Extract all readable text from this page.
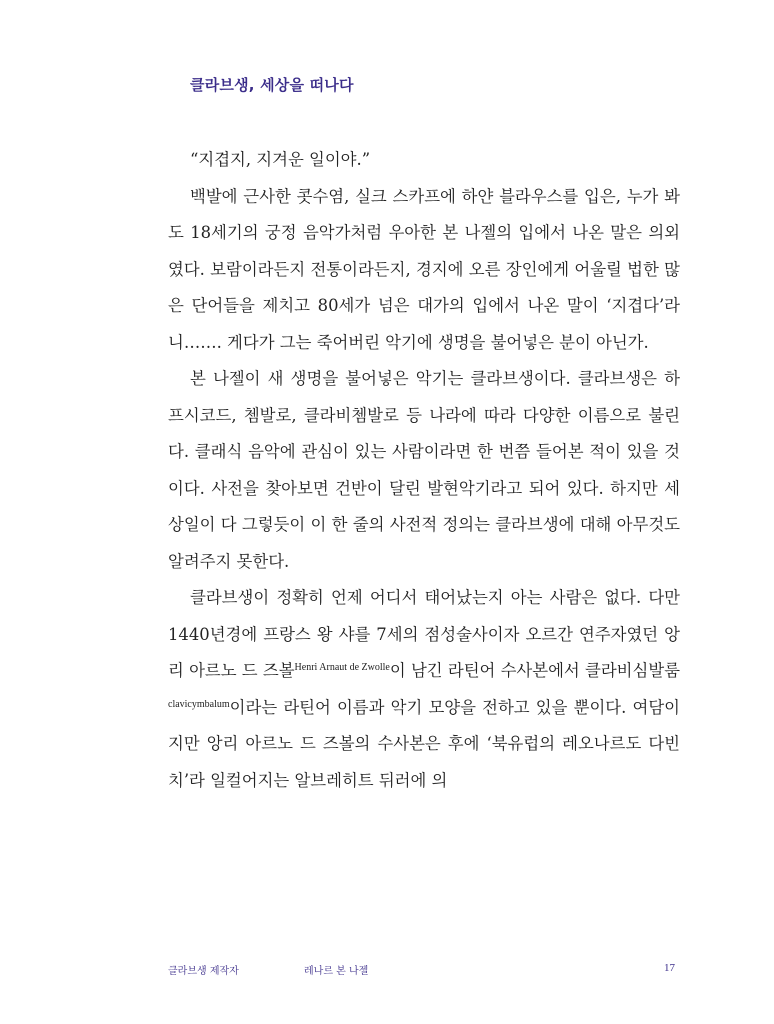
클라브생, 세상을 떠나다

“지겹지, 지겨운 일이야.”

백발에 근사한 콧수염, 실크 스카프에 하얀 블라우스를 입은, 누가 봐도 18세기의 궁정 음악가처럼 우아한 본 나젤의 입에서 나온 말은 의외였다. 보람이라든지 전통이라든지, 경지에 오른 장인에게 어울릴 법한 많은 단어들을 제치고 80세가 넘은 대가의 입에서 나온 말이 ‘지겹다’라니……. 게다가 그는 죽어버린 악기에 생명을 불어넣은 분이 아닌가.

본 나젤이 새 생명을 불어넣은 악기는 클라브생이다. 클라브생은 하프시코드, 쳄발로, 클라비쳄발로 등 나라에 따라 다양한 이름으로 불린다. 클래식 음악에 관심이 있는 사람이라면 한 번쯤 들어본 적이 있을 것이다. 사전을 찾아보면 건반이 달린 발현악기라고 되어 있다. 하지만 세상일이 다 그렇듯이 이 한 줄의 사전적 정의는 클라브생에 대해 아무것도 알려주지 못한다.

클라브생이 정확히 언제 어디서 태어났는지 아는 사람은 없다. 다만 1440년경에 프랑스 왕 샤를 7세의 점성술사이자 오르간 연주자였던 앙리 아르노 드 즈볼$^{Henri Arnaut de Zwolle}$이 남긴 라틴어 수사본에서 클라비심발룸$^{clavicymbalum}$이라는 라틴어 이름과 악기 모양을 전하고 있을 뿐이다. 여담이지만 앙리 아르노 드 즈볼의 수사본은 후에 ‘북유럽의 레오나르도 다빈치’라 일컬어지는 알브레히트 뒤러에 의

클라브생 제작자	레나르 본 나젤	17
